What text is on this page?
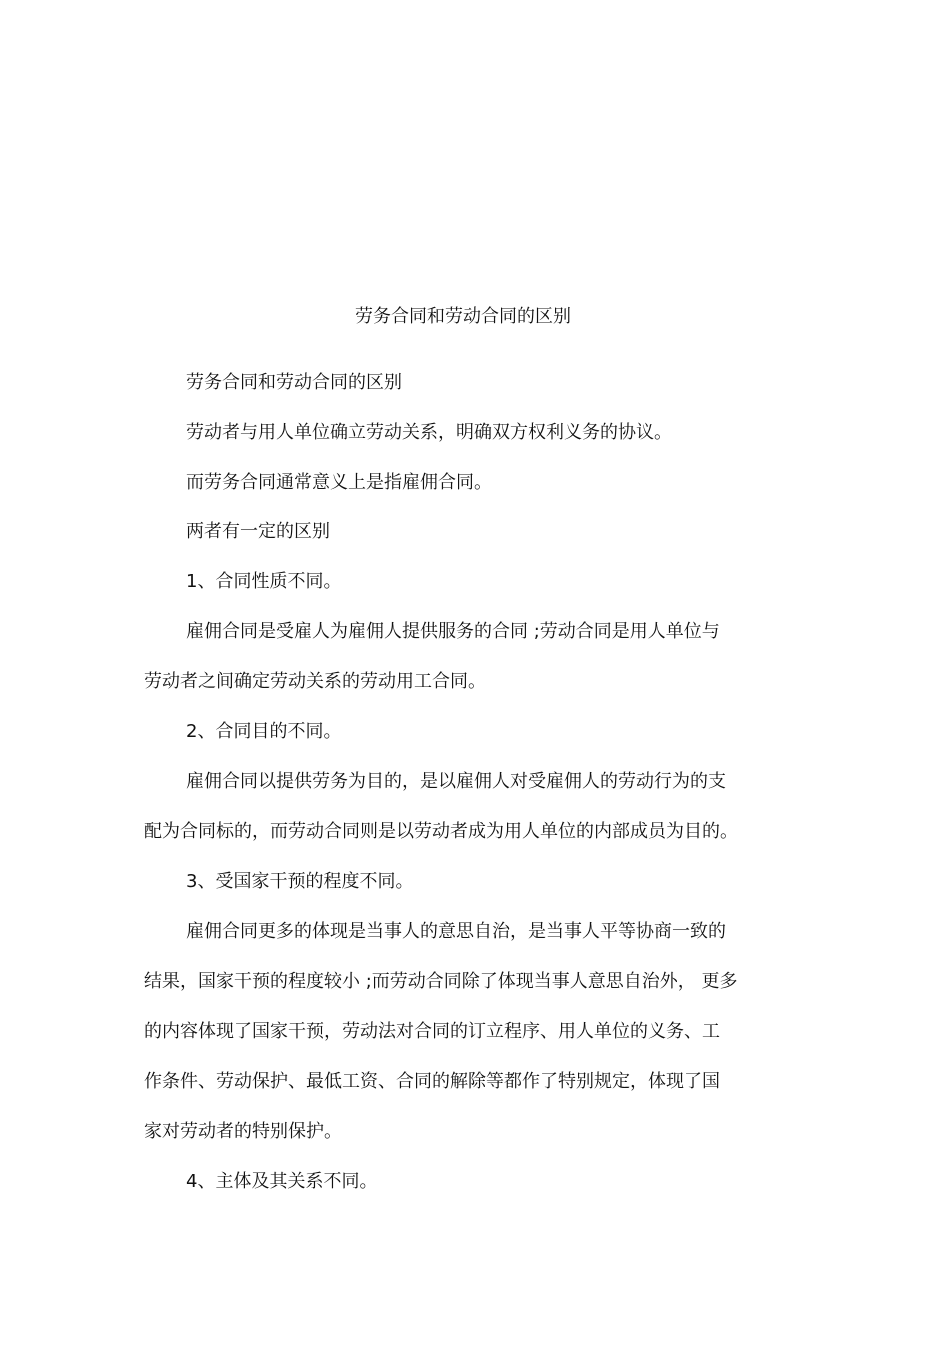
劳务合同和劳动合同的区别
劳务合同和劳动合同的区别
劳动者与用人单位确立劳动关系，明确双方权利义务的协议。
而劳务合同通常意义上是指雇佣合同。
两者有一定的区别
1、合同性质不同。
雇佣合同是受雇人为雇佣人提供服务的合同 ;劳动合同是用人单位与
劳动者之间确定劳动关系的劳动用工合同。
2、合同目的不同。
雇佣合同以提供劳务为目的，是以雇佣人对受雇佣人的劳动行为的支
配为合同标的，而劳动合同则是以劳动者成为用人单位的内部成员为目的。
3、受国家干预的程度不同。
雇佣合同更多的体现是当事人的意思自治，是当事人平等协商一致的
结果，国家干预的程度较小 ;而劳动合同除了体现当事人意思自治外， 更多
的内容体现了国家干预，劳动法对合同的订立程序、用人单位的义务、工
作条件、劳动保护、最低工资、合同的解除等都作了特别规定，体现了国
家对劳动者的特别保护。
4、主体及其关系不同。
